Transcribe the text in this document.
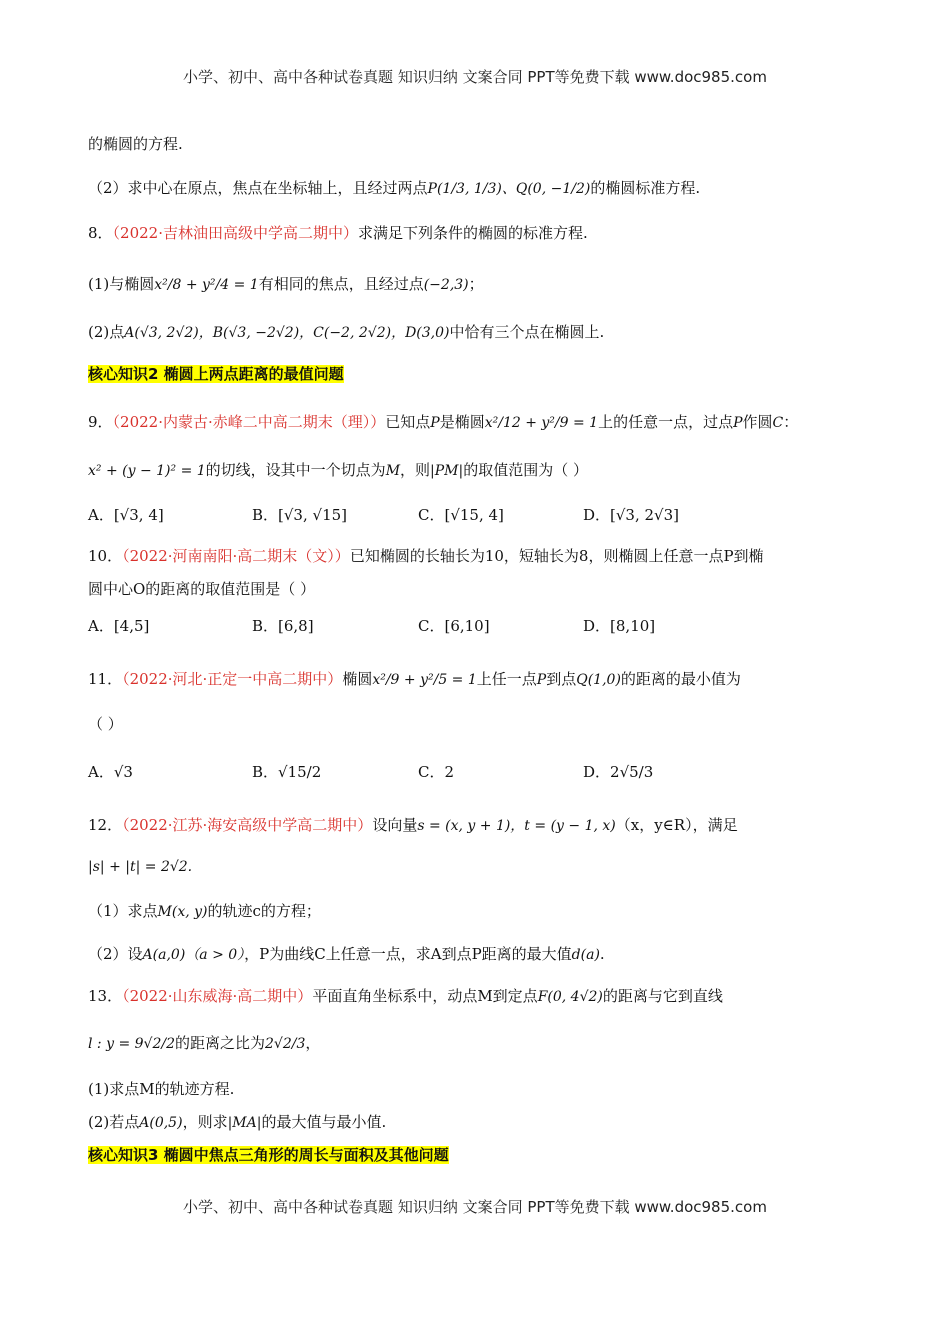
小学、初中、高中各种试卷真题 知识归纳 文案合同 PPT等免费下载 www.doc985.com
的椭圆的方程.
（2）求中心在原点，焦点在坐标轴上，且经过两点P(1/3, 1/3)、Q(0, −1/2)的椭圆标准方程.
8．（2022·吉林油田高级中学高二期中）求满足下列条件的椭圆的标准方程.
(1)与椭圆x²/8 + y²/4 = 1有相同的焦点，且经过点(−2,3)；
(2)点A(√3, 2√2)，B(√3, −2√2)，C(−2, 2√2)，D(3,0)中恰有三个点在椭圆上.
核心知识2 椭圆上两点距离的最值问题
9．（2022·内蒙古·赤峰二中高二期末（理））已知点P是椭圆x²/12 + y²/9 = 1上的任意一点，过点P作圆C：
x² + (y − 1)² = 1的切线，设其中一个切点为M，则|PM|的取值范围为（ ）
A．[√3, 4]	B．[√3, √15]	C．[√15, 4]	D．[√3, 2√3]
10．（2022·河南南阳·高二期末（文））已知椭圆的长轴长为10，短轴长为8，则椭圆上任意一点P到椭
圆中心O的距离的取值范围是（ ）
A．[4,5]	B．[6,8]	C．[6,10]	D．[8,10]
11．（2022·河北·正定一中高二期中）椭圆x²/9 + y²/5 = 1上任一点P到点Q(1,0)的距离的最小值为
（ ）
A．√3	B．√15/2	C．2	D．2√5/3
12．（2022·江苏·海安高级中学高二期中）设向量s = (x, y + 1)，t = (y − 1, x)（x，y∈R），满足
|s| + |t| = 2√2.
（1）求点M(x, y)的轨迹c的方程；
（2）设A(a,0)（a > 0），P为曲线C上任意一点，求A到点P距离的最大值d(a).
13．（2022·山东威海·高二期中）平面直角坐标系中，动点M到定点F(0, 4√2)的距离与它到直线
l : y = 9√2/2的距离之比为2√2/3，
(1)求点M的轨迹方程.
(2)若点A(0,5)，则求|MA|的最大值与最小值.
核心知识3 椭圆中焦点三角形的周长与面积及其他问题
小学、初中、高中各种试卷真题 知识归纳 文案合同 PPT等免费下载 www.doc985.com
